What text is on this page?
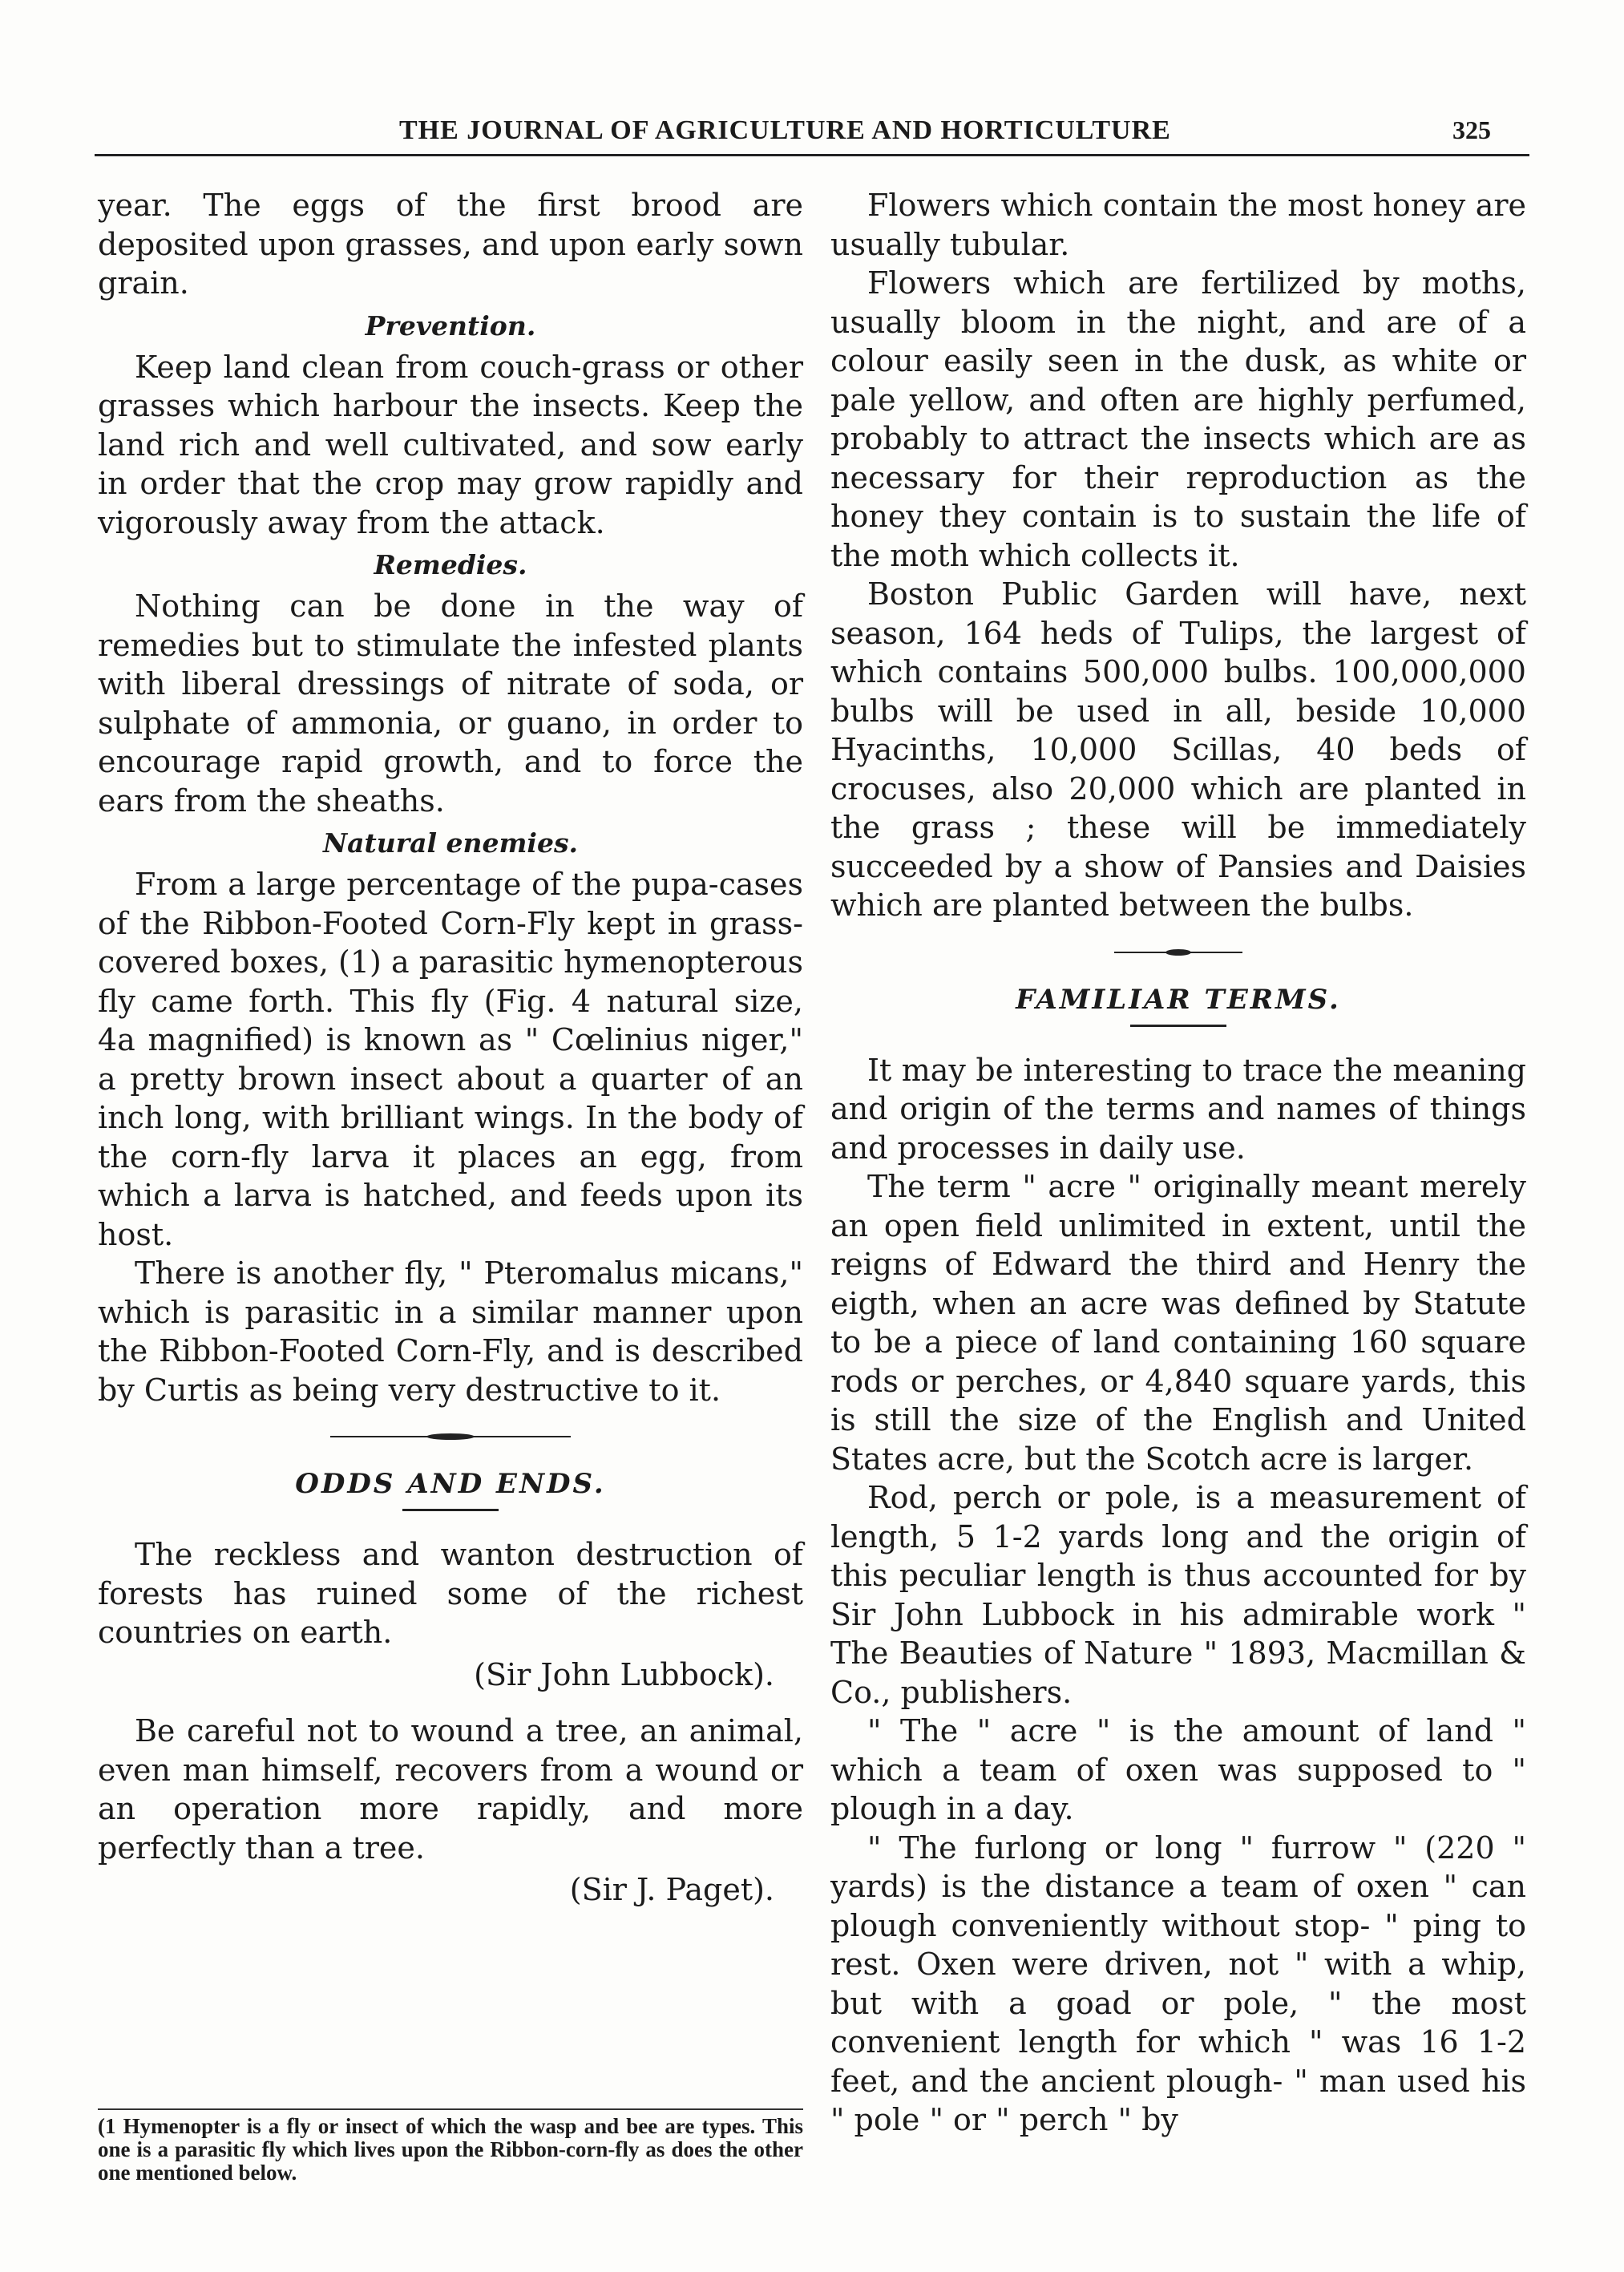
THE JOURNAL OF AGRICULTURE AND HORTICULTURE	325

year. The eggs of the first brood are deposited upon grasses, and upon early sown grain.

Prevention.

Keep land clean from couch-grass or other grasses which harbour the insects. Keep the land rich and well cultivated, and sow early in order that the crop may grow rapidly and vigorously away from the attack.

Remedies.

Nothing can be done in the way of remedies but to stimulate the infested plants with liberal dressings of nitrate of soda, or sulphate of ammonia, or guano, in order to encourage rapid growth, and to force the ears from the sheaths.

Natural enemies.

From a large percentage of the pupa-cases of the Ribbon-Footed Corn-Fly kept in grass-covered boxes, (1) a parasitic hymenopterous fly came forth. This fly (Fig. 4 natural size, 4a magnified) is known as " Cœlinius niger," a pretty brown insect about a quarter of an inch long, with brilliant wings. In the body of the corn-fly larva it places an egg, from which a larva is hatched, and feeds upon its host.

There is another fly, " Pteromalus micans," which is parasitic in a similar manner upon the Ribbon-Footed Corn-Fly, and is described by Curtis as being very destructive to it.

ODDS AND ENDS.

The reckless and wanton destruction of forests has ruined some of the richest countries on earth.

(Sir John Lubbock).

Be careful not to wound a tree, an animal, even man himself, recovers from a wound or an operation more rapidly, and more perfectly than a tree.

(Sir J. Paget).
(1 Hymenopter is a fly or insect of which the wasp and bee are types. This one is a parasitic fly which lives upon the Ribbon-corn-fly as does the other one mentioned below.

Flowers which contain the most honey are usually tubular.

Flowers which are fertilized by moths, usually bloom in the night, and are of a colour easily seen in the dusk, as white or pale yellow, and often are highly perfumed, probably to attract the insects which are as necessary for their reproduction as the honey they contain is to sustain the life of the moth which collects it.

Boston Public Garden will have, next season, 164 heds of Tulips, the largest of which contains 500,000 bulbs. 100,000,000 bulbs will be used in all, beside 10,000 Hyacinths, 10,000 Scillas, 40 beds of crocuses, also 20,000 which are planted in the grass ; these will be immediately succeeded by a show of Pansies and Daisies which are planted between the bulbs.

FAMILIAR TERMS.

It may be interesting to trace the meaning and origin of the terms and names of things and processes in daily use.

The term " acre " originally meant merely an open field unlimited in extent, until the reigns of Edward the third and Henry the eigth, when an acre was defined by Statute to be a piece of land containing 160 square rods or perches, or 4,840 square yards, this is still the size of the English and United States acre, but the Scotch acre is larger.

Rod, perch or pole, is a measurement of length, 5 1-2 yards long and the origin of this peculiar length is thus accounted for by Sir John Lubbock in his admirable work " The Beauties of Nature " 1893, Macmillan & Co., publishers.

" The " acre " is the amount of land " which a team of oxen was supposed to " plough in a day.

" The furlong or long " furrow " (220 " yards) is the distance a team of oxen " can plough conveniently without stop- " ping to rest. Oxen were driven, not " with a whip, but with a goad or pole, " the most convenient length for which " was 16 1-2 feet, and the ancient plough- " man used his " pole " or " perch " by
